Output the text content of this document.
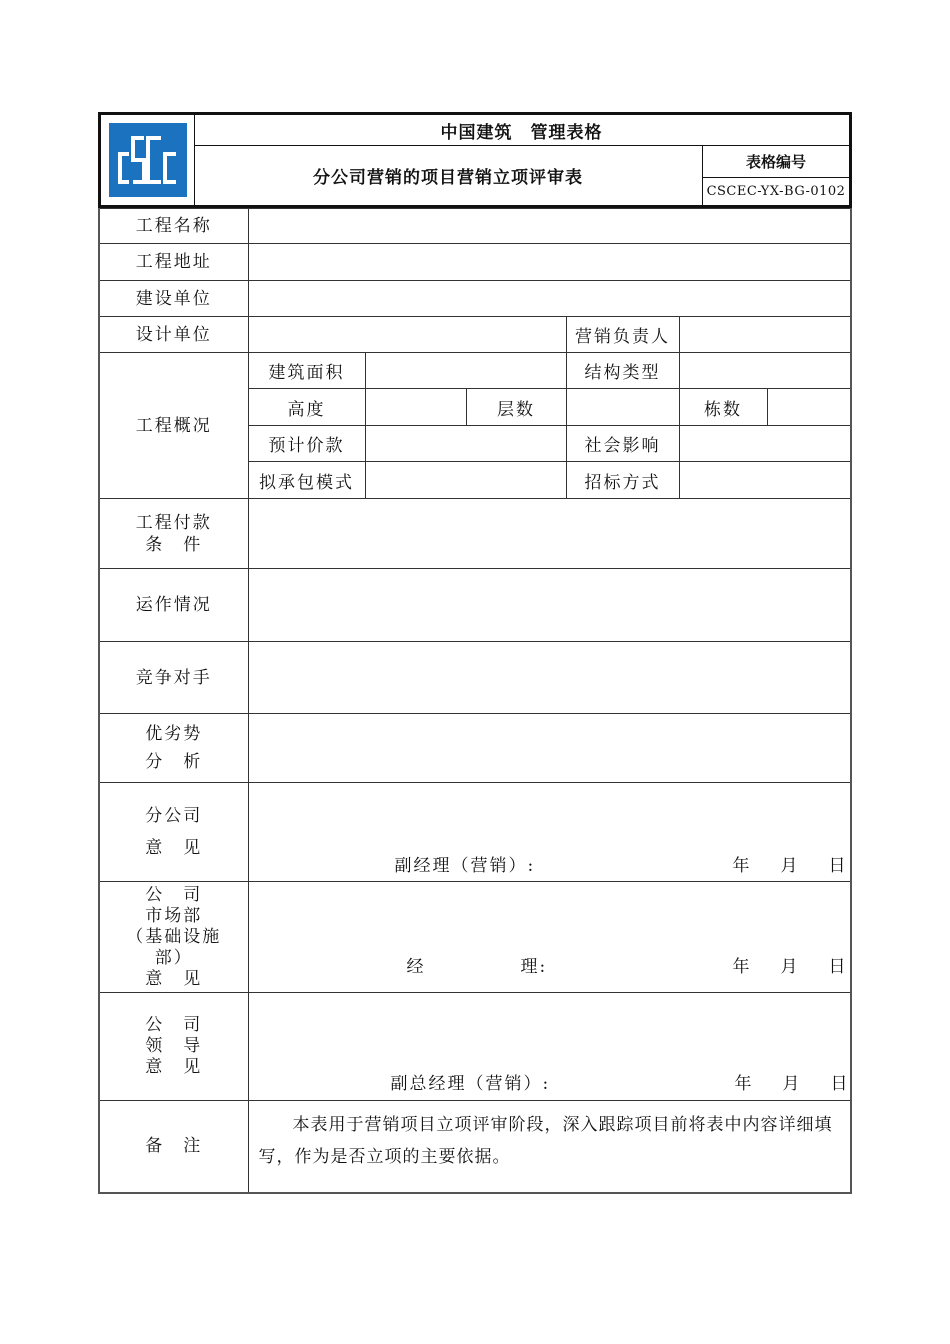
中国建筑 管理表格
分公司营销的项目营销立项评审表
表格编号
CSCEC-YX-BG-0102
工程名称						
工程地址						
建设单位						
设计单位				营销负责人		
工程概况	建筑面积			结构类型		
	高度		层数		栋数	
	预计价款			社会影响		
	拟承包模式			招标方式		

工程付款
条　件						

运作情况						
竞争对手						

优劣势
分　析						

分公司
意　见	副经理（营销）: 年 月 日					

公　司
市场部
（基础设施
部）
意　见	经 理: 年 月 日					

公　司
领　导
意　见	副总经理（营销）: 年 月 日					

备　注	本表用于营销项目立项评审阶段，深入跟踪项目前将表中内容详细填写，作为是否立项的主要依据。					
